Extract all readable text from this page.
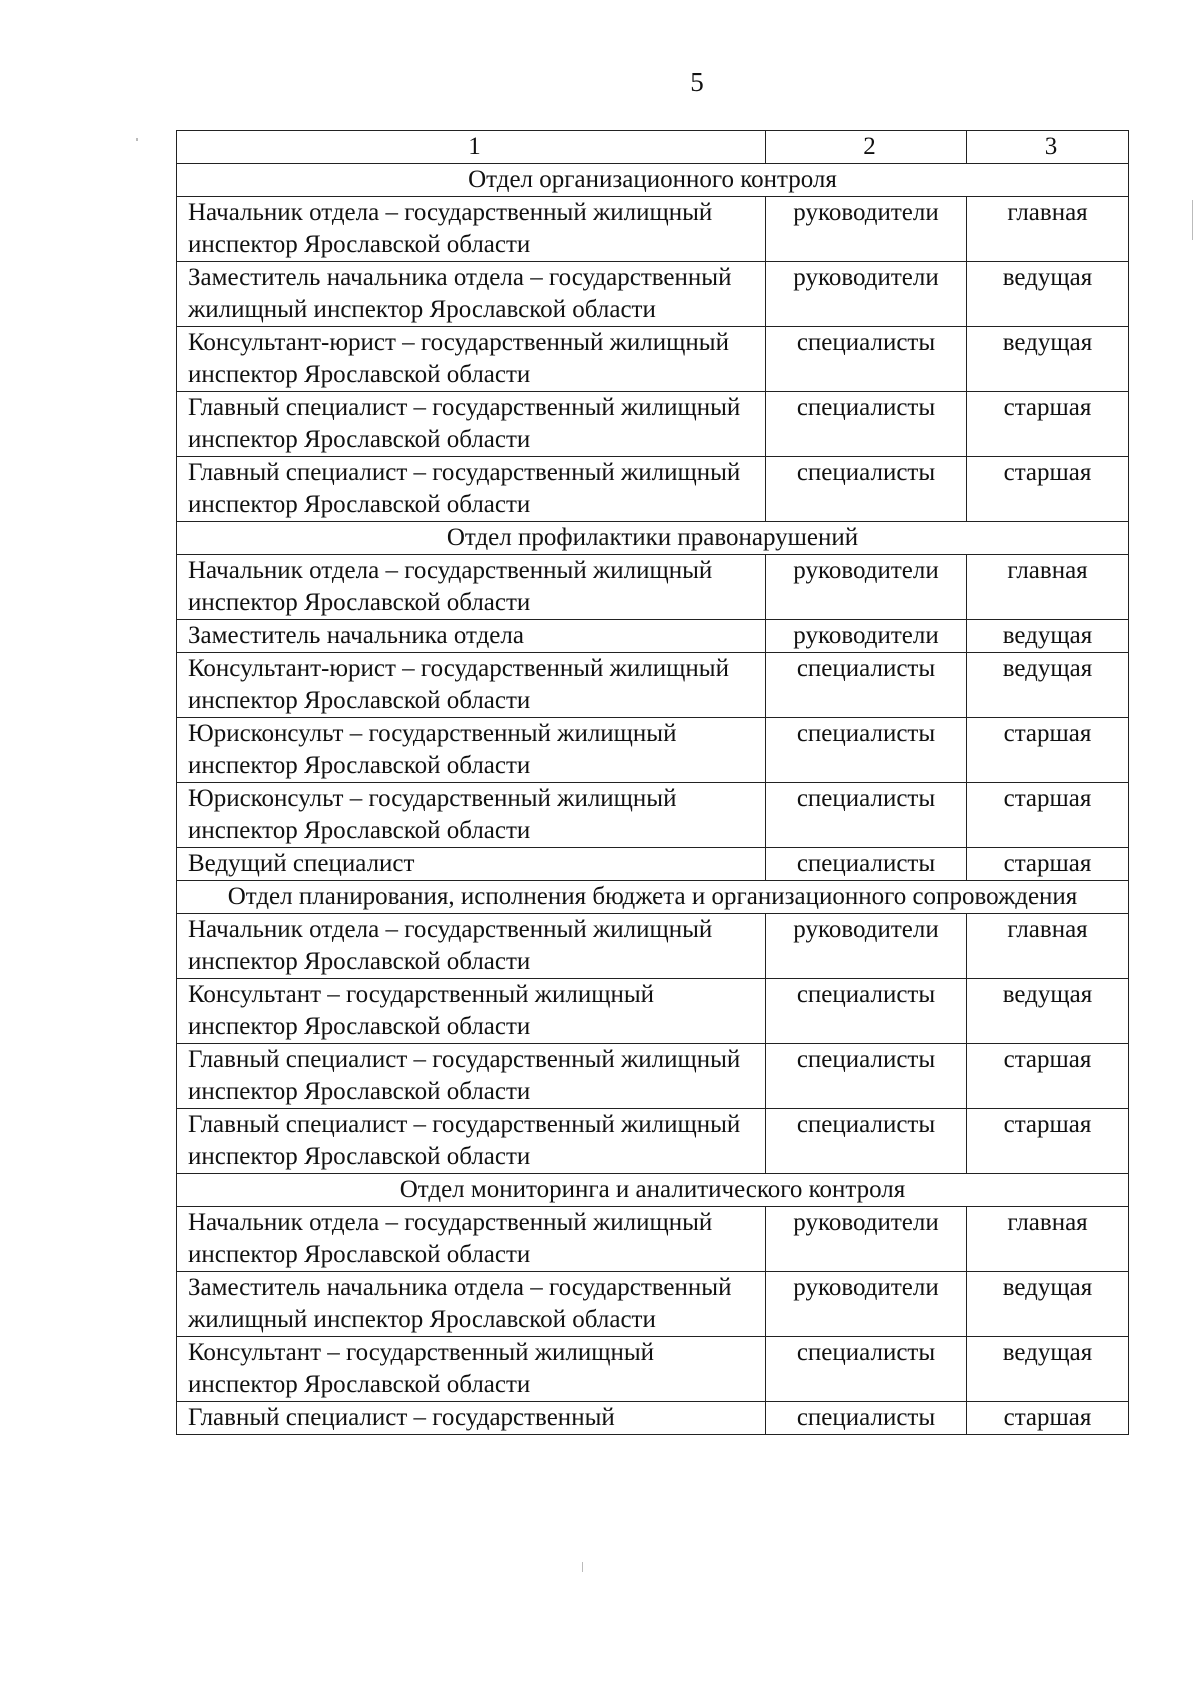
5
1	2	3
Отдел организационного контроля		
Начальник отдела – государственный жилищный инспектор Ярославской области	руководители	главная
Заместитель начальника отдела – государственный жилищный инспектор Ярославской области	руководители	ведущая
Консультант-юрист – государственный жилищный инспектор Ярославской области	специалисты	ведущая
Главный специалист – государственный жилищный инспектор Ярославской области	специалисты	старшая
Главный специалист – государственный жилищный инспектор Ярославской области	специалисты	старшая
Отдел профилактики правонарушений		
Начальник отдела – государственный жилищный инспектор Ярославской области	руководители	главная
Заместитель начальника отдела	руководители	ведущая
Консультант-юрист – государственный жилищный инспектор Ярославской области	специалисты	ведущая
Юрисконсульт – государственный жилищный инспектор Ярославской области	специалисты	старшая
Юрисконсульт – государственный жилищный инспектор Ярославской области	специалисты	старшая
Ведущий специалист	специалисты	старшая
Отдел планирования, исполнения бюджета и организационного сопровождения		
Начальник отдела – государственный жилищный инспектор Ярославской области	руководители	главная
Консультант – государственный жилищный инспектор Ярославской области	специалисты	ведущая
Главный специалист – государственный жилищный инспектор Ярославской области	специалисты	старшая
Главный специалист – государственный жилищный инспектор Ярославской области	специалисты	старшая
Отдел мониторинга и аналитического контроля		
Начальник отдела – государственный жилищный инспектор Ярославской области	руководители	главная
Заместитель начальника отдела – государственный жилищный инспектор Ярославской области	руководители	ведущая
Консультант – государственный жилищный инспектор Ярославской области	специалисты	ведущая
Главный специалист – государственный	специалисты	старшая
